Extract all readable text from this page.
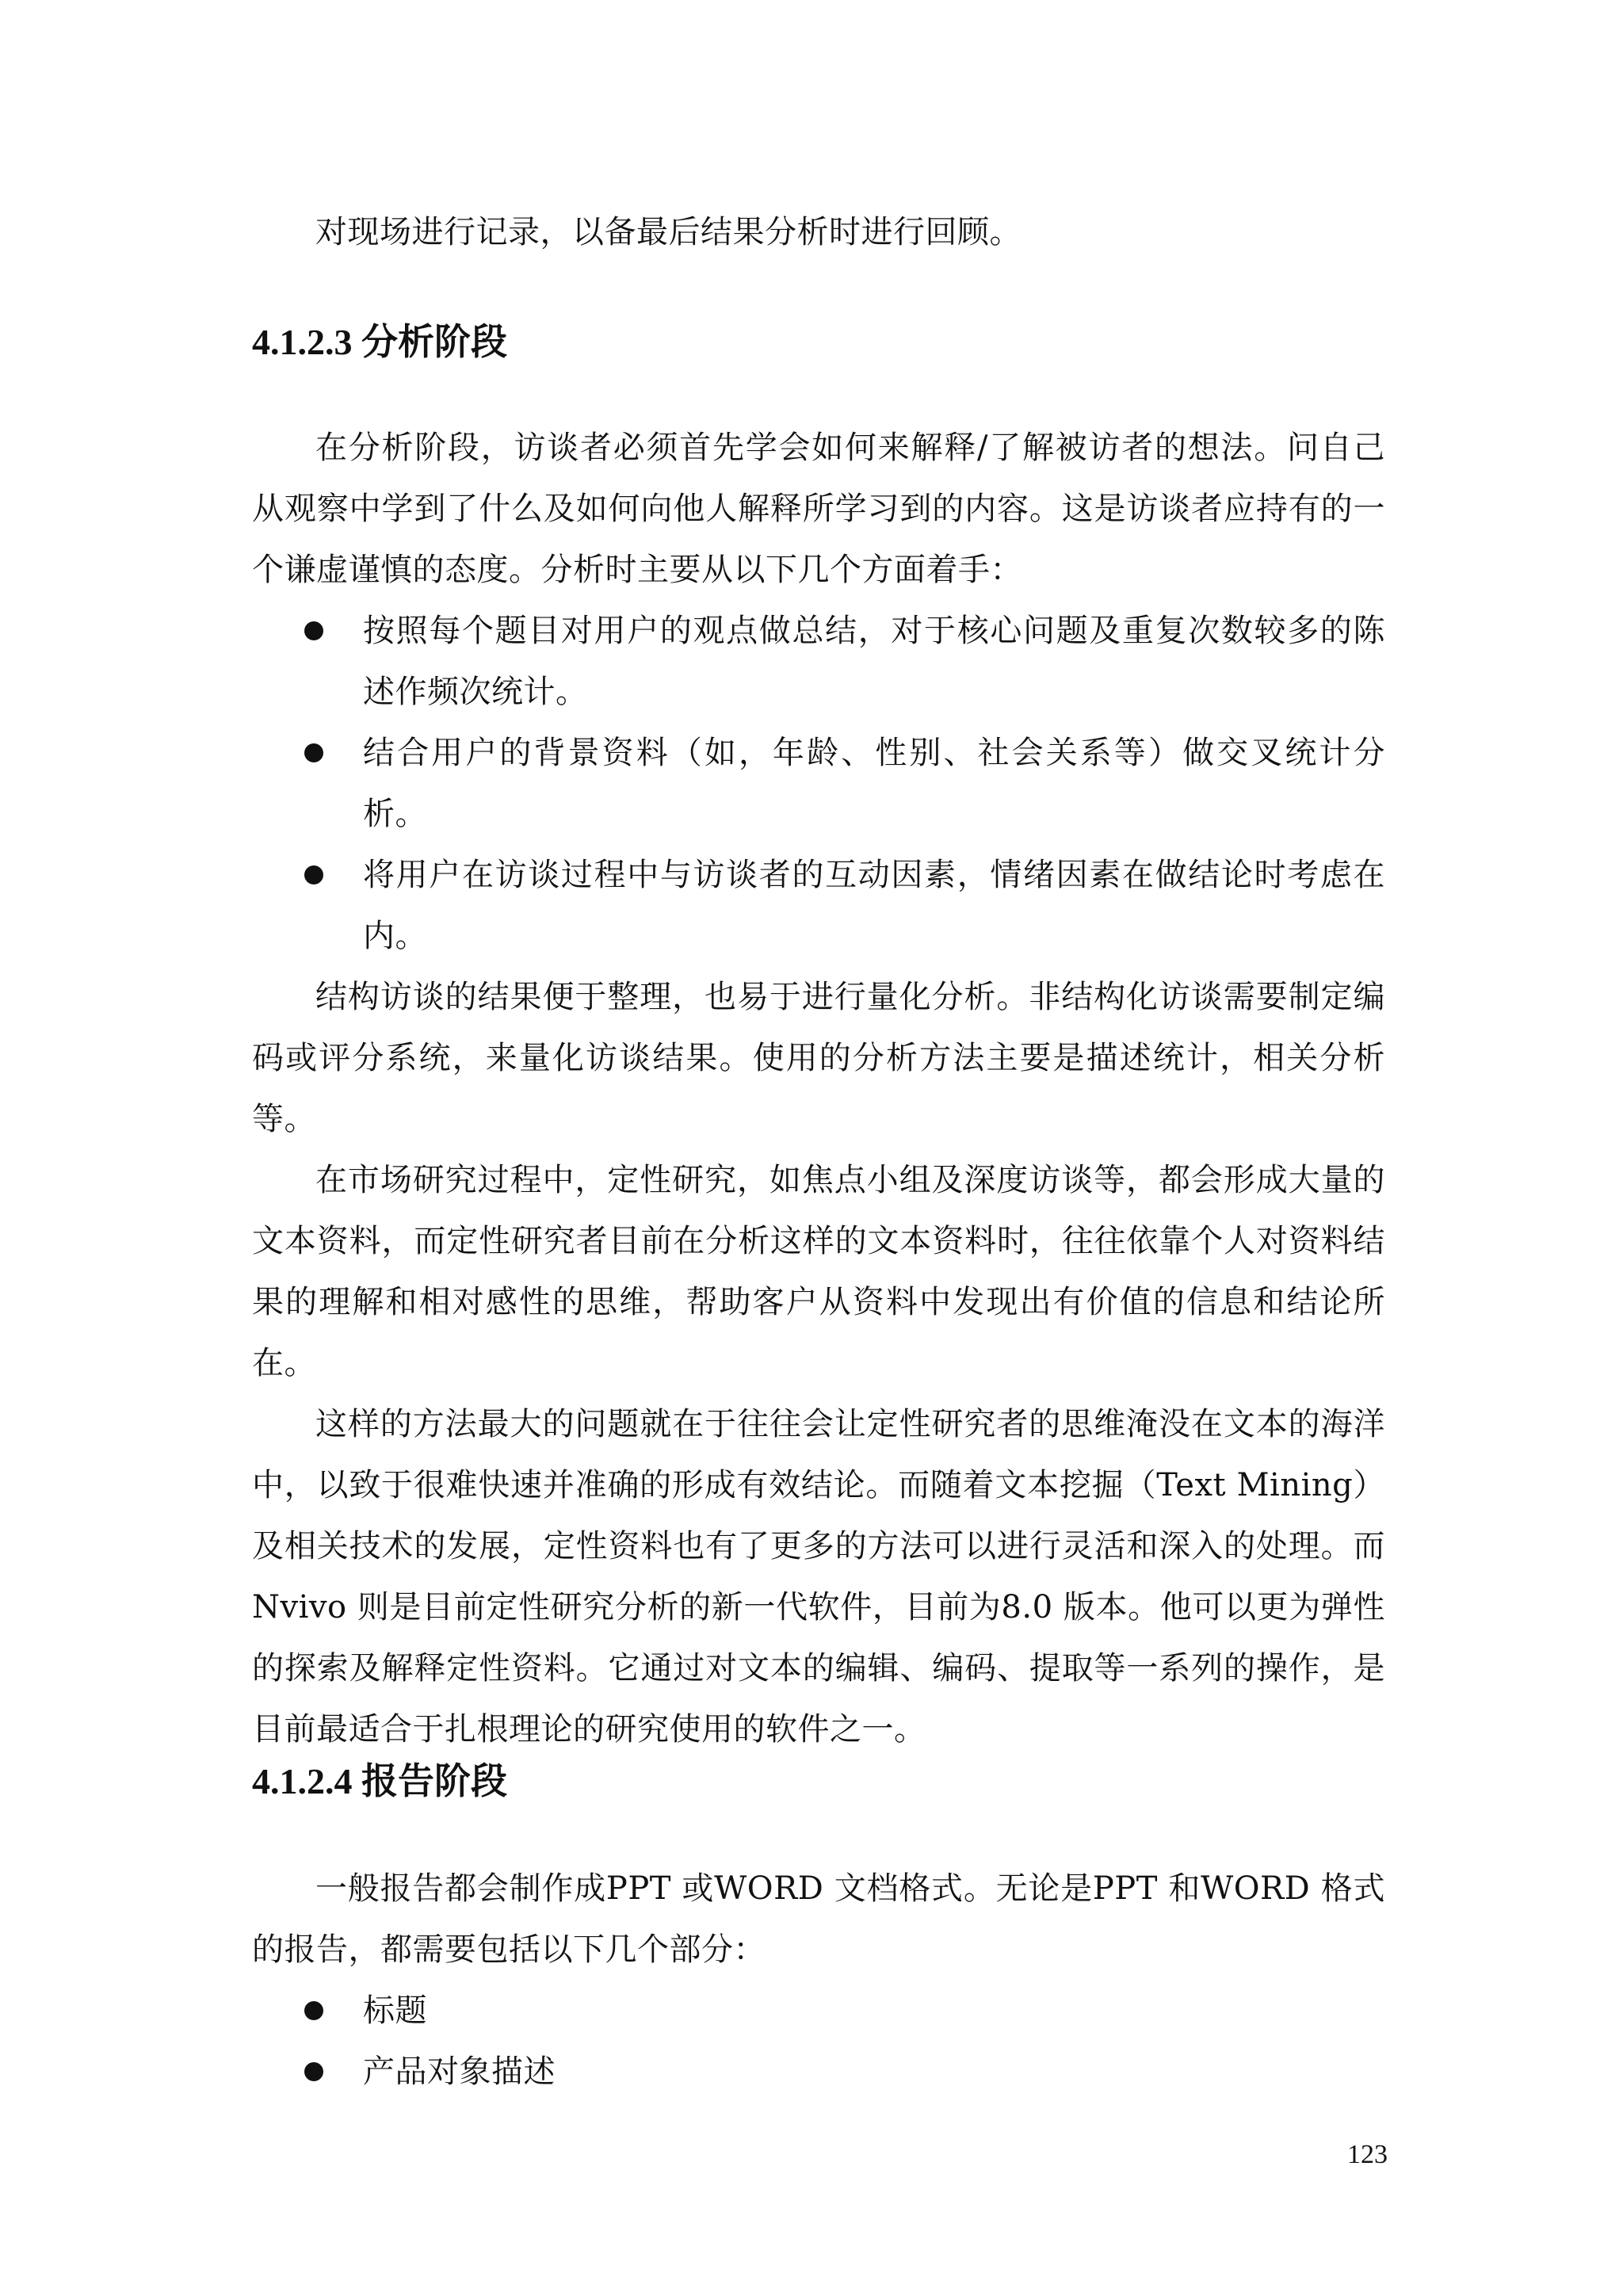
对现场进行记录，以备最后结果分析时进行回顾。

4.1.2.3 分析阶段

在分析阶段，访谈者必须首先学会如何来解释/了解被访者的想法。问自己从观察中学到了什么及如何向他人解释所学习到的内容。这是访谈者应持有的一个谦虚谨慎的态度。分析时主要从以下几个方面着手：

按照每个题目对用户的观点做总结，对于核心问题及重复次数较多的陈述作频次统计。
结合用户的背景资料（如，年龄、性别、社会关系等）做交叉统计分析。
将用户在访谈过程中与访谈者的互动因素，情绪因素在做结论时考虑在内。

结构访谈的结果便于整理，也易于进行量化分析。非结构化访谈需要制定编码或评分系统，来量化访谈结果。使用的分析方法主要是描述统计，相关分析等。

在市场研究过程中，定性研究，如焦点小组及深度访谈等，都会形成大量的文本资料，而定性研究者目前在分析这样的文本资料时，往往依靠个人对资料结果的理解和相对感性的思维，帮助客户从资料中发现出有价值的信息和结论所在。

这样的方法最大的问题就在于往往会让定性研究者的思维淹没在文本的海洋中，以致于很难快速并准确的形成有效结论。而随着文本挖掘（Text Mining）及相关技术的发展，定性资料也有了更多的方法可以进行灵活和深入的处理。而Nvivo 则是目前定性研究分析的新一代软件，目前为8.0 版本。他可以更为弹性的探索及解释定性资料。它通过对文本的编辑、编码、提取等一系列的操作，是目前最适合于扎根理论的研究使用的软件之一。

4.1.2.4 报告阶段

一般报告都会制作成PPT 或WORD 文档格式。无论是PPT 和WORD 格式的报告，都需要包括以下几个部分：

标题
产品对象描述
123
